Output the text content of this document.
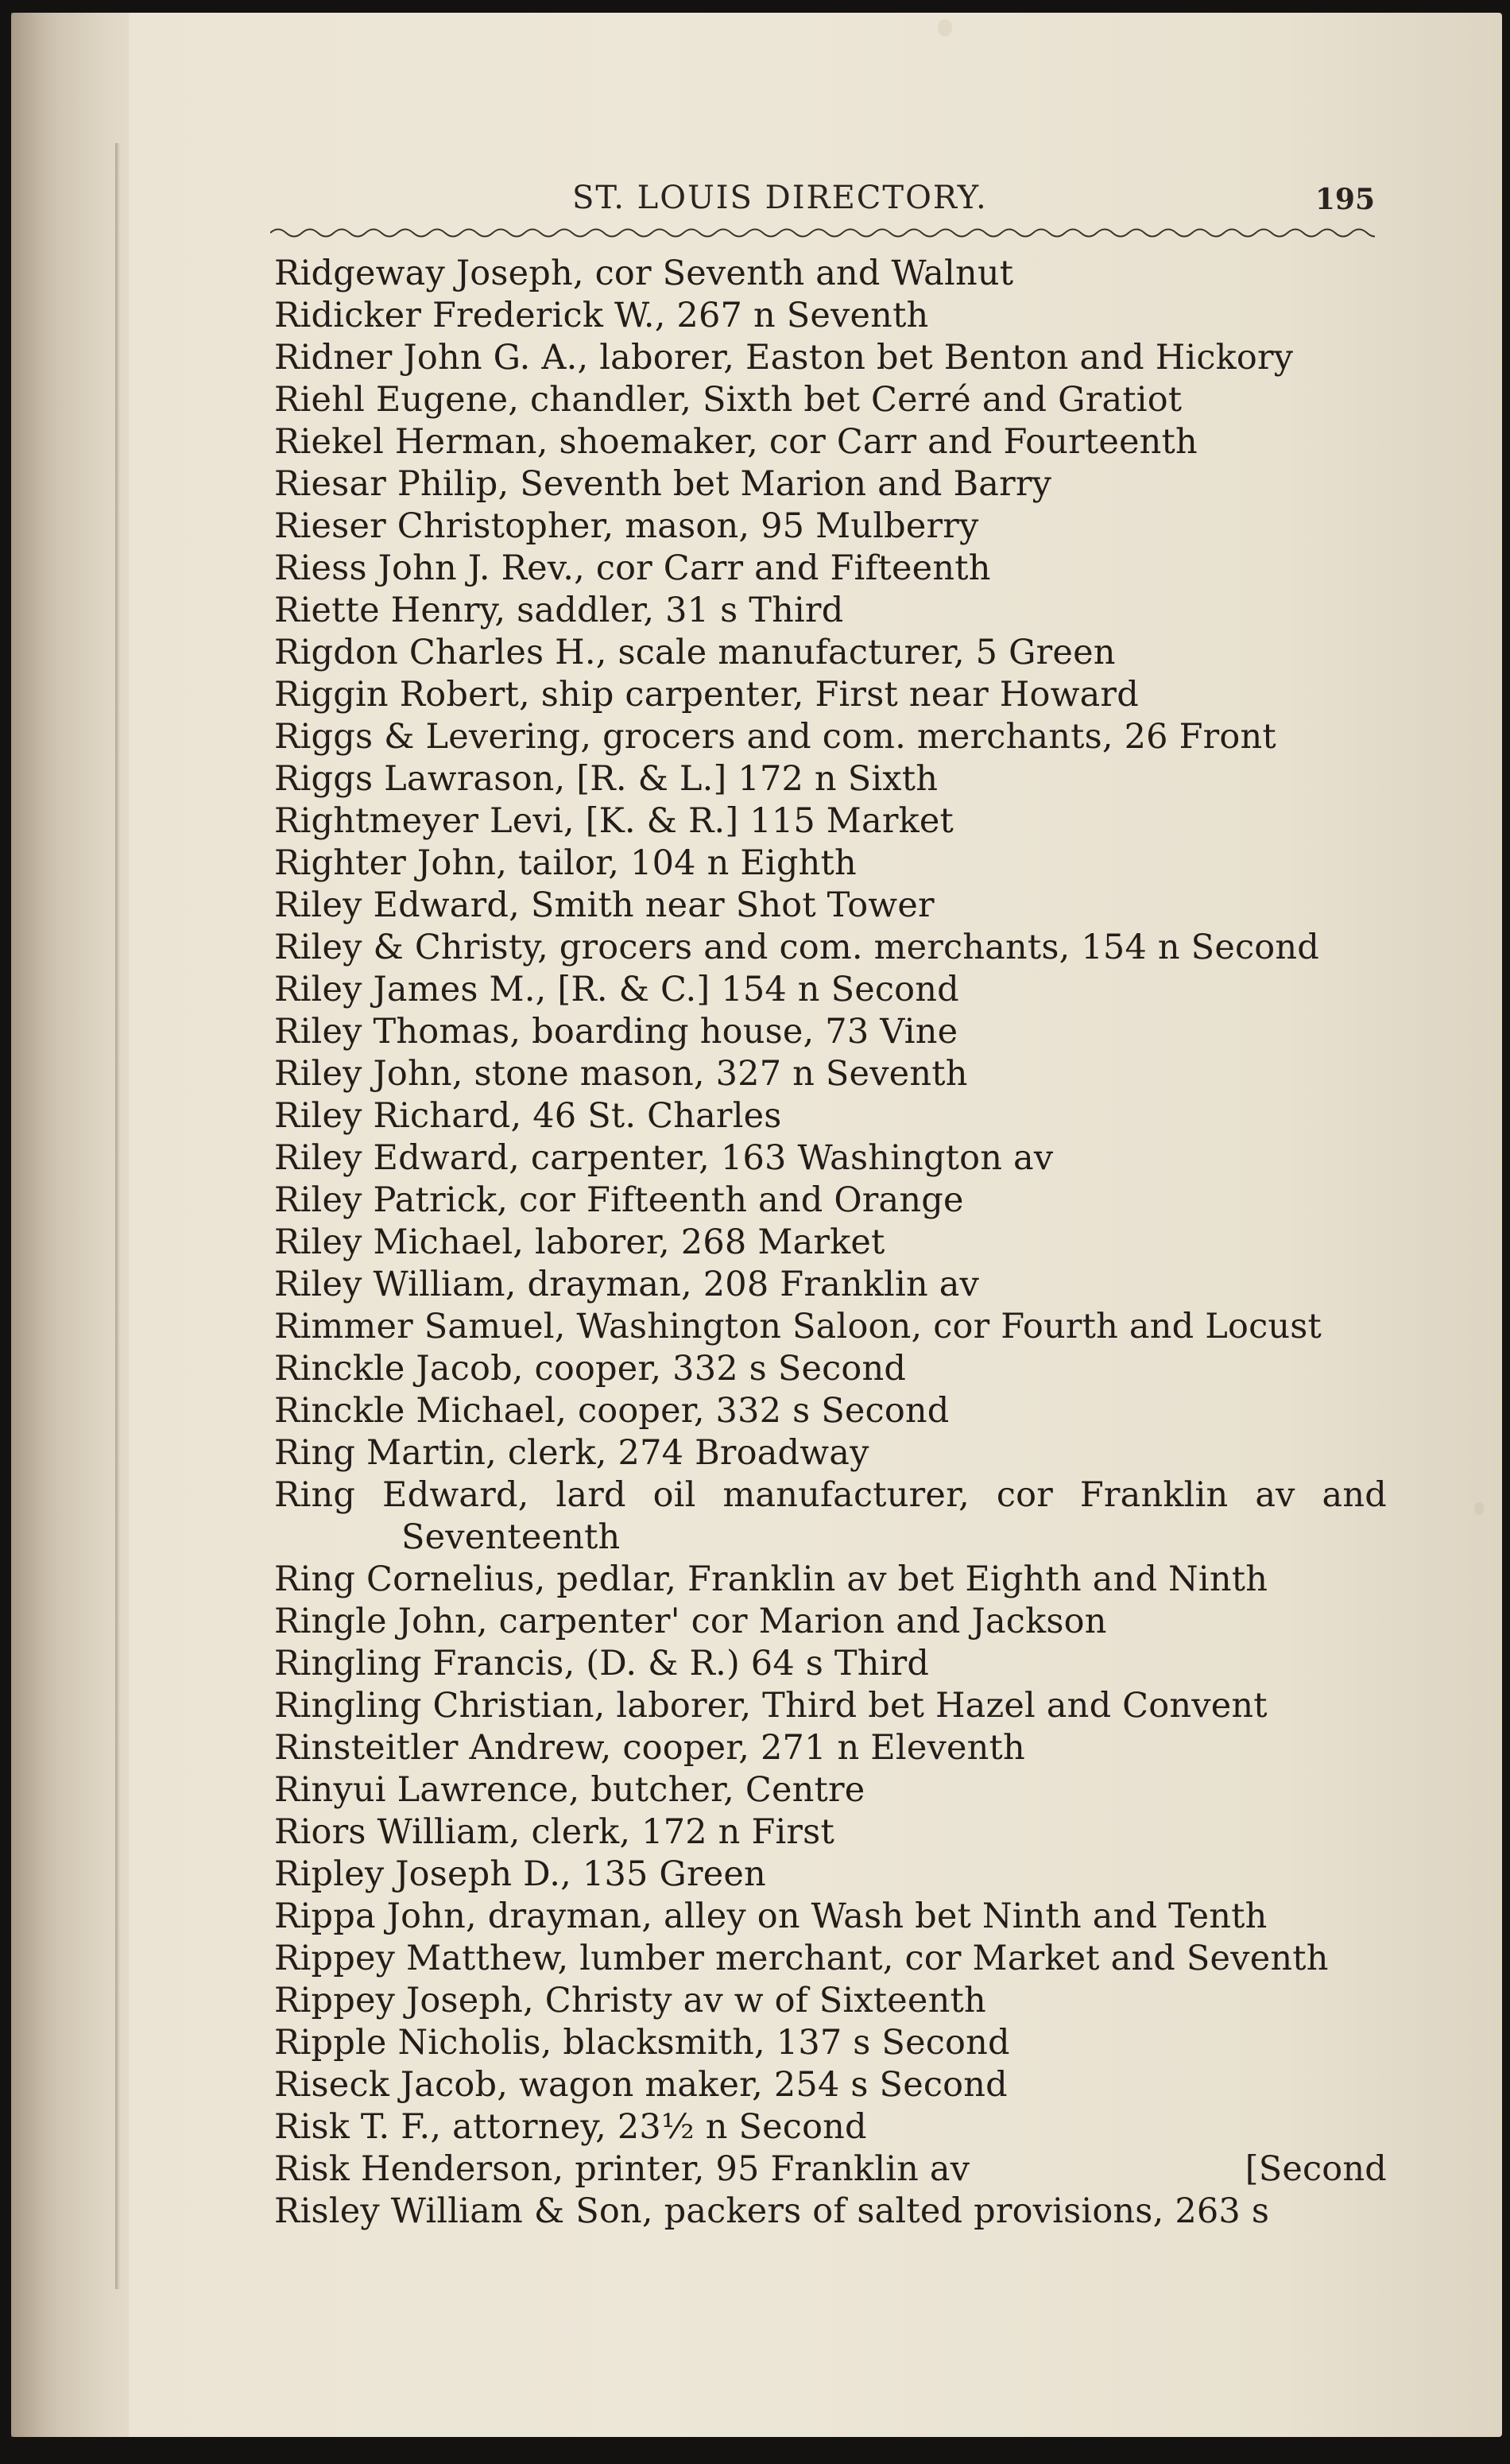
ST. LOUIS DIRECTORY.	195
Ridgeway Joseph, cor Seventh and Walnut
Ridicker Frederick W., 267 n Seventh
Ridner John G. A., laborer, Easton bet Benton and Hickory
Riehl Eugene, chandler, Sixth bet Cerré and Gratiot
Riekel Herman, shoemaker, cor Carr and Fourteenth
Riesar Philip, Seventh bet Marion and Barry
Rieser Christopher, mason, 95 Mulberry
Riess John J. Rev., cor Carr and Fifteenth
Riette Henry, saddler, 31 s Third
Rigdon Charles H., scale manufacturer, 5 Green
Riggin Robert, ship carpenter, First near Howard
Riggs & Levering, grocers and com. merchants, 26 Front
Riggs Lawrason, [R. & L.] 172 n Sixth
Rightmeyer Levi, [K. & R.] 115 Market
Righter John, tailor, 104 n Eighth
Riley Edward, Smith near Shot Tower
Riley & Christy, grocers and com. merchants, 154 n Second
Riley James M., [R. & C.] 154 n Second
Riley Thomas, boarding house, 73 Vine
Riley John, stone mason, 327 n Seventh
Riley Richard, 46 St. Charles
Riley Edward, carpenter, 163 Washington av
Riley Patrick, cor Fifteenth and Orange
Riley Michael, laborer, 268 Market
Riley William, drayman, 208 Franklin av
Rimmer Samuel, Washington Saloon, cor Fourth and Locust
Rinckle Jacob, cooper, 332 s Second
Rinckle Michael, cooper, 332 s Second
Ring Martin, clerk, 274 Broadway
Ring Edward, lard oil manufacturer, cor Franklin av and
Seventeenth
Ring Cornelius, pedlar, Franklin av bet Eighth and Ninth
Ringle John, carpenter' cor Marion and Jackson
Ringling Francis, (D. & R.) 64 s Third
Ringling Christian, laborer, Third bet Hazel and Convent
Rinsteitler Andrew, cooper, 271 n Eleventh
Rinyui Lawrence, butcher, Centre
Riors William, clerk, 172 n First
Ripley Joseph D., 135 Green
Rippa John, drayman, alley on Wash bet Ninth and Tenth
Rippey Matthew, lumber merchant, cor Market and Seventh
Rippey Joseph, Christy av w of Sixteenth
Ripple Nicholis, blacksmith, 137 s Second
Riseck Jacob, wagon maker, 254 s Second
Risk T. F., attorney, 23½ n Second
Risk Henderson, printer, 95 Franklin av	[Second
Risley William & Son, packers of salted provisions, 263 s
